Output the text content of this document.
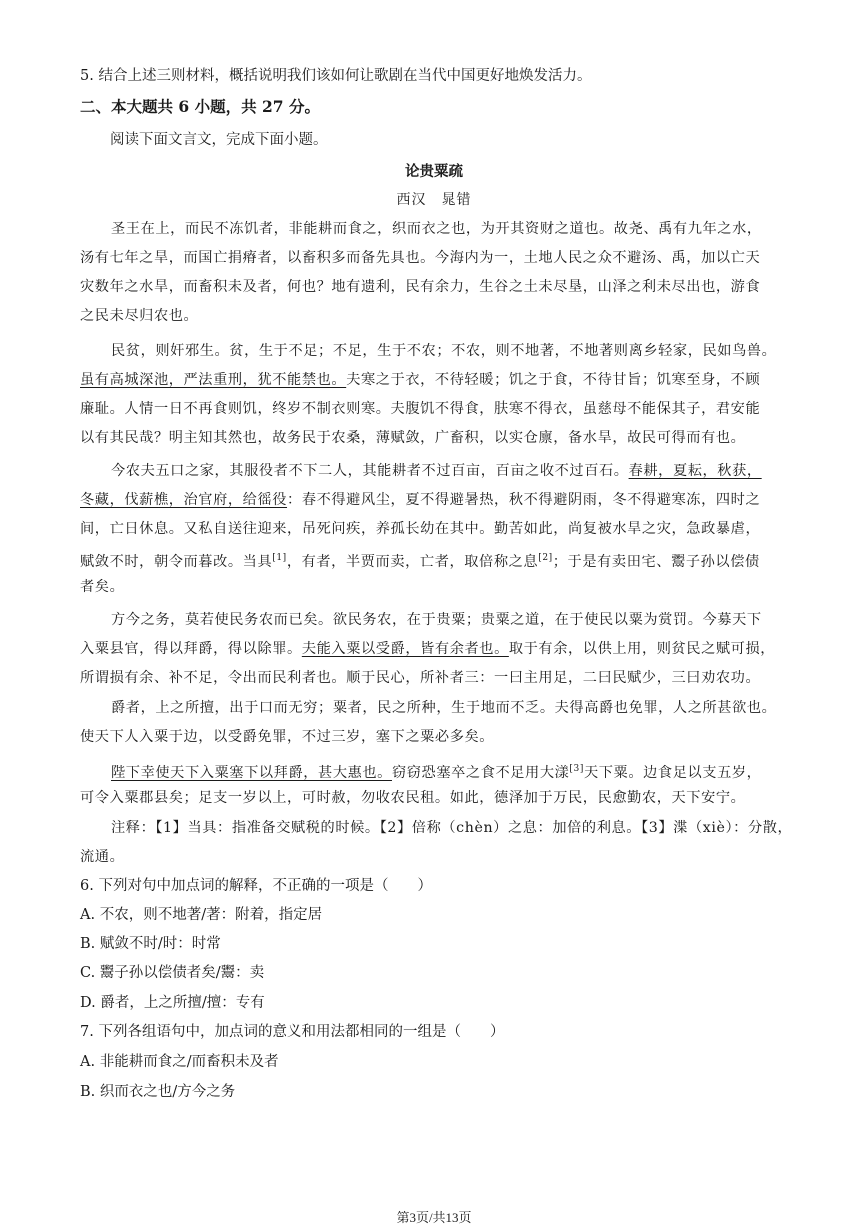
5. 结合上述三则材料，概括说明我们该如何让歌剧在当代中国更好地焕发活力。
二、本大题共 6 小题，共 27 分。
阅读下面文言文，完成下面小题。
论贵粟疏
西汉　晁错
圣王在上，而民不冻饥者，非能耕而食之，织而衣之也，为开其资财之道也。故尧、禹有九年之水，
汤有七年之旱，而国亡捐瘠者，以畜积多而备先具也。今海内为一，土地人民之众不避汤、禹，加以亡天
灾数年之水旱，而畜积未及者，何也？地有遗利，民有余力，生谷之土未尽垦，山泽之利未尽出也，游食
之民未尽归农也。
民贫，则奸邪生。贫，生于不足；不足，生于不农；不农，则不地著，不地著则离乡轻家，民如鸟兽。
虽有高城深池，严法重刑，犹不能禁也。夫寒之于衣，不待轻暖；饥之于食，不待甘旨；饥寒至身，不顾
廉耻。人情一日不再食则饥，终岁不制衣则寒。夫腹饥不得食，肤寒不得衣，虽慈母不能保其子，君安能
以有其民哉？明主知其然也，故务民于农桑，薄赋敛，广畜积，以实仓廪，备水旱，故民可得而有也。
今农夫五口之家，其服役者不下二人，其能耕者不过百亩，百亩之收不过百石。春耕，夏耘，秋获，
冬藏，伐薪樵，治官府，给徭役：春不得避风尘，夏不得避暑热，秋不得避阴雨，冬不得避寒冻，四时之
间，亡日休息。又私自送往迎来，吊死问疾，养孤长幼在其中。勤苦如此，尚复被水旱之灾，急政暴虐，
赋敛不时，朝令而暮改。当具[1]，有者，半贾而卖，亡者，取倍称之息[2]；于是有卖田宅、鬻子孙以偿债
者矣。
方今之务，莫若使民务农而已矣。欲民务农，在于贵粟；贵粟之道，在于使民以粟为赏罚。今募天下
入粟县官，得以拜爵，得以除罪。夫能入粟以受爵，皆有余者也。取于有余，以供上用，则贫民之赋可损，
所谓损有余、补不足，令出而民利者也。顺于民心，所补者三：一曰主用足，二曰民赋少，三曰劝农功。
爵者，上之所擅，出于口而无穷；粟者，民之所种，生于地而不乏。夫得高爵也免罪，人之所甚欲也。
使天下人入粟于边，以受爵免罪，不过三岁，塞下之粟必多矣。
陛下幸使天下入粟塞下以拜爵，甚大惠也。窃窃恐塞卒之食不足用大漾[3]天下粟。边食足以支五岁，
可令入粟郡县矣；足支一岁以上，可时赦，勿收农民租。如此，德泽加于万民，民愈勤农，天下安宁。
注释：【1】当具：指准备交赋税的时候。【2】倍称（chèn）之息：加倍的利息。【3】渫（xiè）：分散，
流通。
6. 下列对句中加点词的解释，不正确的一项是（　　）
A. 不农，则不地著/著：附着，指定居
B. 赋敛不时/时：时常
C. 鬻子孙以偿债者矣/鬻：卖
D. 爵者，上之所擅/擅：专有
7. 下列各组语句中，加点词的意义和用法都相同的一组是（　　）
A. 非能耕而食之/而畜积未及者
B. 织而衣之也/方今之务
第3页/共13页
